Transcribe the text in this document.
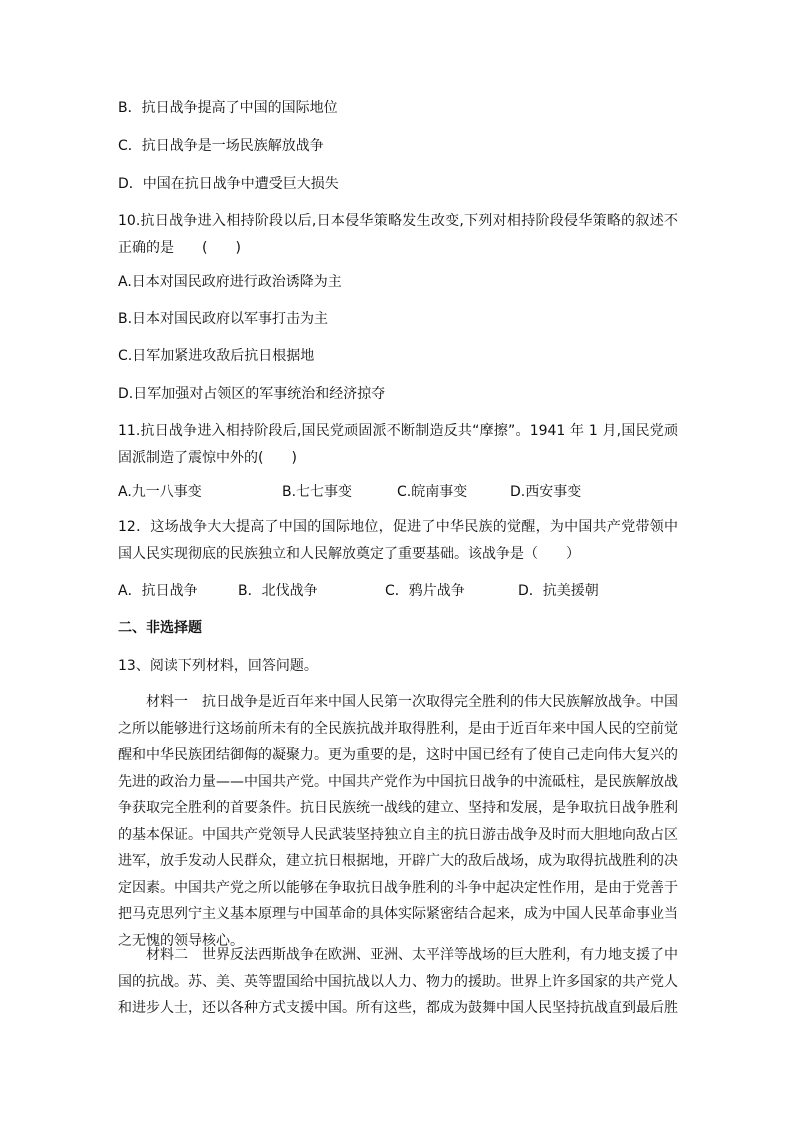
B．抗日战争提高了中国的国际地位
C．抗日战争是一场民族解放战争
D．中国在抗日战争中遭受巨大损失
10.抗日战争进入相持阶段以后,日本侵华策略发生改变,下列对相持阶段侵华策略的叙述不正确的是　　(　　)
A.日本对国民政府进行政治诱降为主
B.日本对国民政府以军事打击为主
C.日军加紧进攻敌后抗日根据地
D.日军加强对占领区的军事统治和经济掠夺
11.抗日战争进入相持阶段后,国民党顽固派不断制造反共“摩擦”。1941 年 1 月,国民党顽固派制造了震惊中外的(　　)
A.九一八事变	B.七七事变	C.皖南事变	D.西安事变
12．这场战争大大提高了中国的国际地位，促进了中华民族的觉醒，为中国共产党带领中国人民实现彻底的民族独立和人民解放奠定了重要基础。该战争是（　　）
A．抗日战争	B．北伐战争	C．鸦片战争	D．抗美援朝
二、非选择题
13、阅读下列材料，回答问题。
材料一　抗日战争是近百年来中国人民第一次取得完全胜利的伟大民族解放战争。中国之所以能够进行这场前所未有的全民族抗战并取得胜利，是由于近百年来中国人民的空前觉醒和中华民族团结御侮的凝聚力。更为重要的是，这时中国已经有了使自己走向伟大复兴的先进的政治力量——中国共产党。中国共产党作为中国抗日战争的中流砥柱，是民族解放战争获取完全胜利的首要条件。抗日民族统一战线的建立、坚持和发展，是争取抗日战争胜利的基本保证。中国共产党领导人民武装坚持独立自主的抗日游击战争及时而大胆地向敌占区进军，放手发动人民群众，建立抗日根据地，开辟广大的敌后战场，成为取得抗战胜利的决定因素。中国共产党之所以能够在争取抗日战争胜利的斗争中起决定性作用，是由于党善于把马克思列宁主义基本原理与中国革命的具体实际紧密结合起来，成为中国人民革命事业当之无愧的领导核心。
材料二　世界反法西斯战争在欧洲、亚洲、太平洋等战场的巨大胜利，有力地支援了中国的抗战。苏、美、英等盟国给中国抗战以人力、物力的援助。世界上许多国家的共产党人和进步人士，还以各种方式支援中国。所有这些，都成为鼓舞中国人民坚持抗战直到最后胜
